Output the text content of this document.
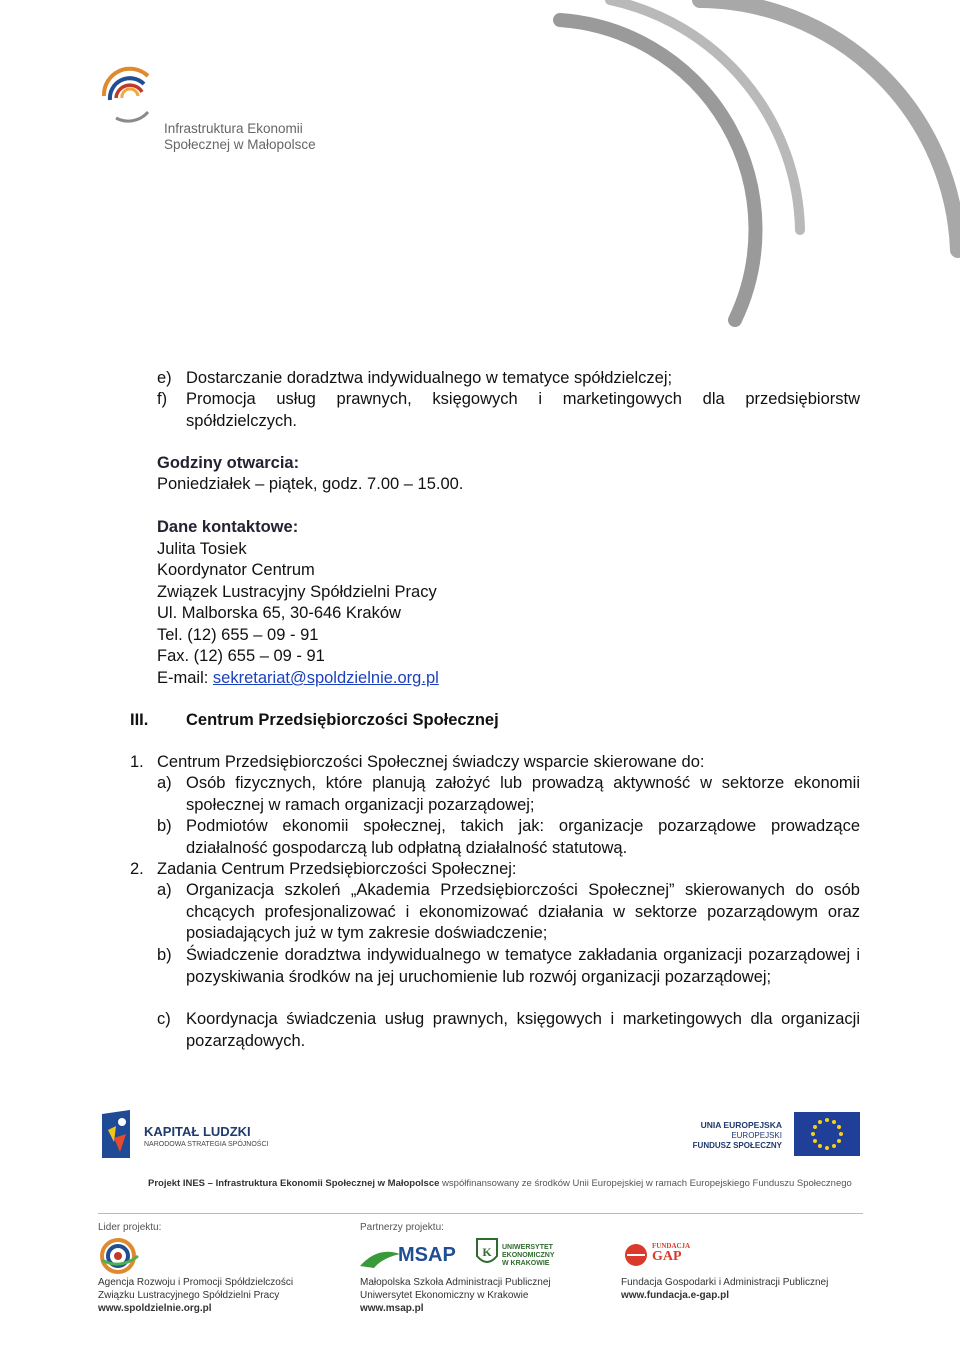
Infrastruktura Ekonomii
Społecznej w Małopolsce
e) Dostarczanie doradztwa indywidualnego w tematyce spółdzielczej;
f) Promocja usług prawnych, księgowych i marketingowych dla przedsiębiorstw spółdzielczych.
Godziny otwarcia:
Poniedziałek – piątek, godz. 7.00 – 15.00.
Dane kontaktowe:
Julita Tosiek
Koordynator Centrum
Związek Lustracyjny Spółdzielni Pracy
Ul. Malborska 65, 30-646 Kraków
Tel. (12) 655 – 09 - 91
Fax. (12) 655 – 09 - 91
E-mail: sekretariat@spoldzielnie.org.pl
III. Centrum Przedsiębiorczości Społecznej
1. Centrum Przedsiębiorczości Społecznej świadczy wsparcie skierowane do:
a) Osób fizycznych, które planują założyć lub prowadzą aktywność w sektorze ekonomii społecznej w ramach organizacji pozarządowej;
b) Podmiotów ekonomii społecznej, takich jak: organizacje pozarządowe prowadzące działalność gospodarczą lub odpłatną działalność statutową.
2. Zadania Centrum Przedsiębiorczości Społecznej:
a) Organizacja szkoleń „Akademia Przedsiębiorczości Społecznej” skierowanych do osób chcących profesjonalizować i ekonomizować działania w sektorze pozarządowym oraz posiadających już w tym zakresie doświadczenie;
b) Świadczenie doradztwa indywidualnego w tematyce zakładania organizacji pozarządowej i pozyskiwania środków na jej uruchomienie lub rozwój organizacji pozarządowej;
c) Koordynacja świadczenia usług prawnych, księgowych i marketingowych dla organizacji pozarządowych.
KAPITAŁ LUDZKI
NARODOWA STRATEGIA SPÓJNOŚCI
UNIA EUROPEJSKA
EUROPEJSKI
FUNDUSZ SPOŁECZNY
Projekt INES – Infrastruktura Ekonomii Społecznej w Małopolsce współfinansowany ze środków Unii Europejskiej w ramach Europejskiego Funduszu Społecznego
Lider projektu:
Agencja Rozwoju i Promocji Spółdzielczości
Związku Lustracyjnego Spółdzielni Pracy
www.spoldzielnie.org.pl
Partnerzy projektu:
MSAP K UNIWERSYTET
EKONOMICZNY
W KRAKOWIE
Małopolska Szkoła Administracji Publicznej
Uniwersytet Ekonomiczny w Krakowie
www.msap.pl
FUNDACJA
GAP
Fundacja Gospodarki i Administracji Publicznej
www.fundacja.e-gap.pl
